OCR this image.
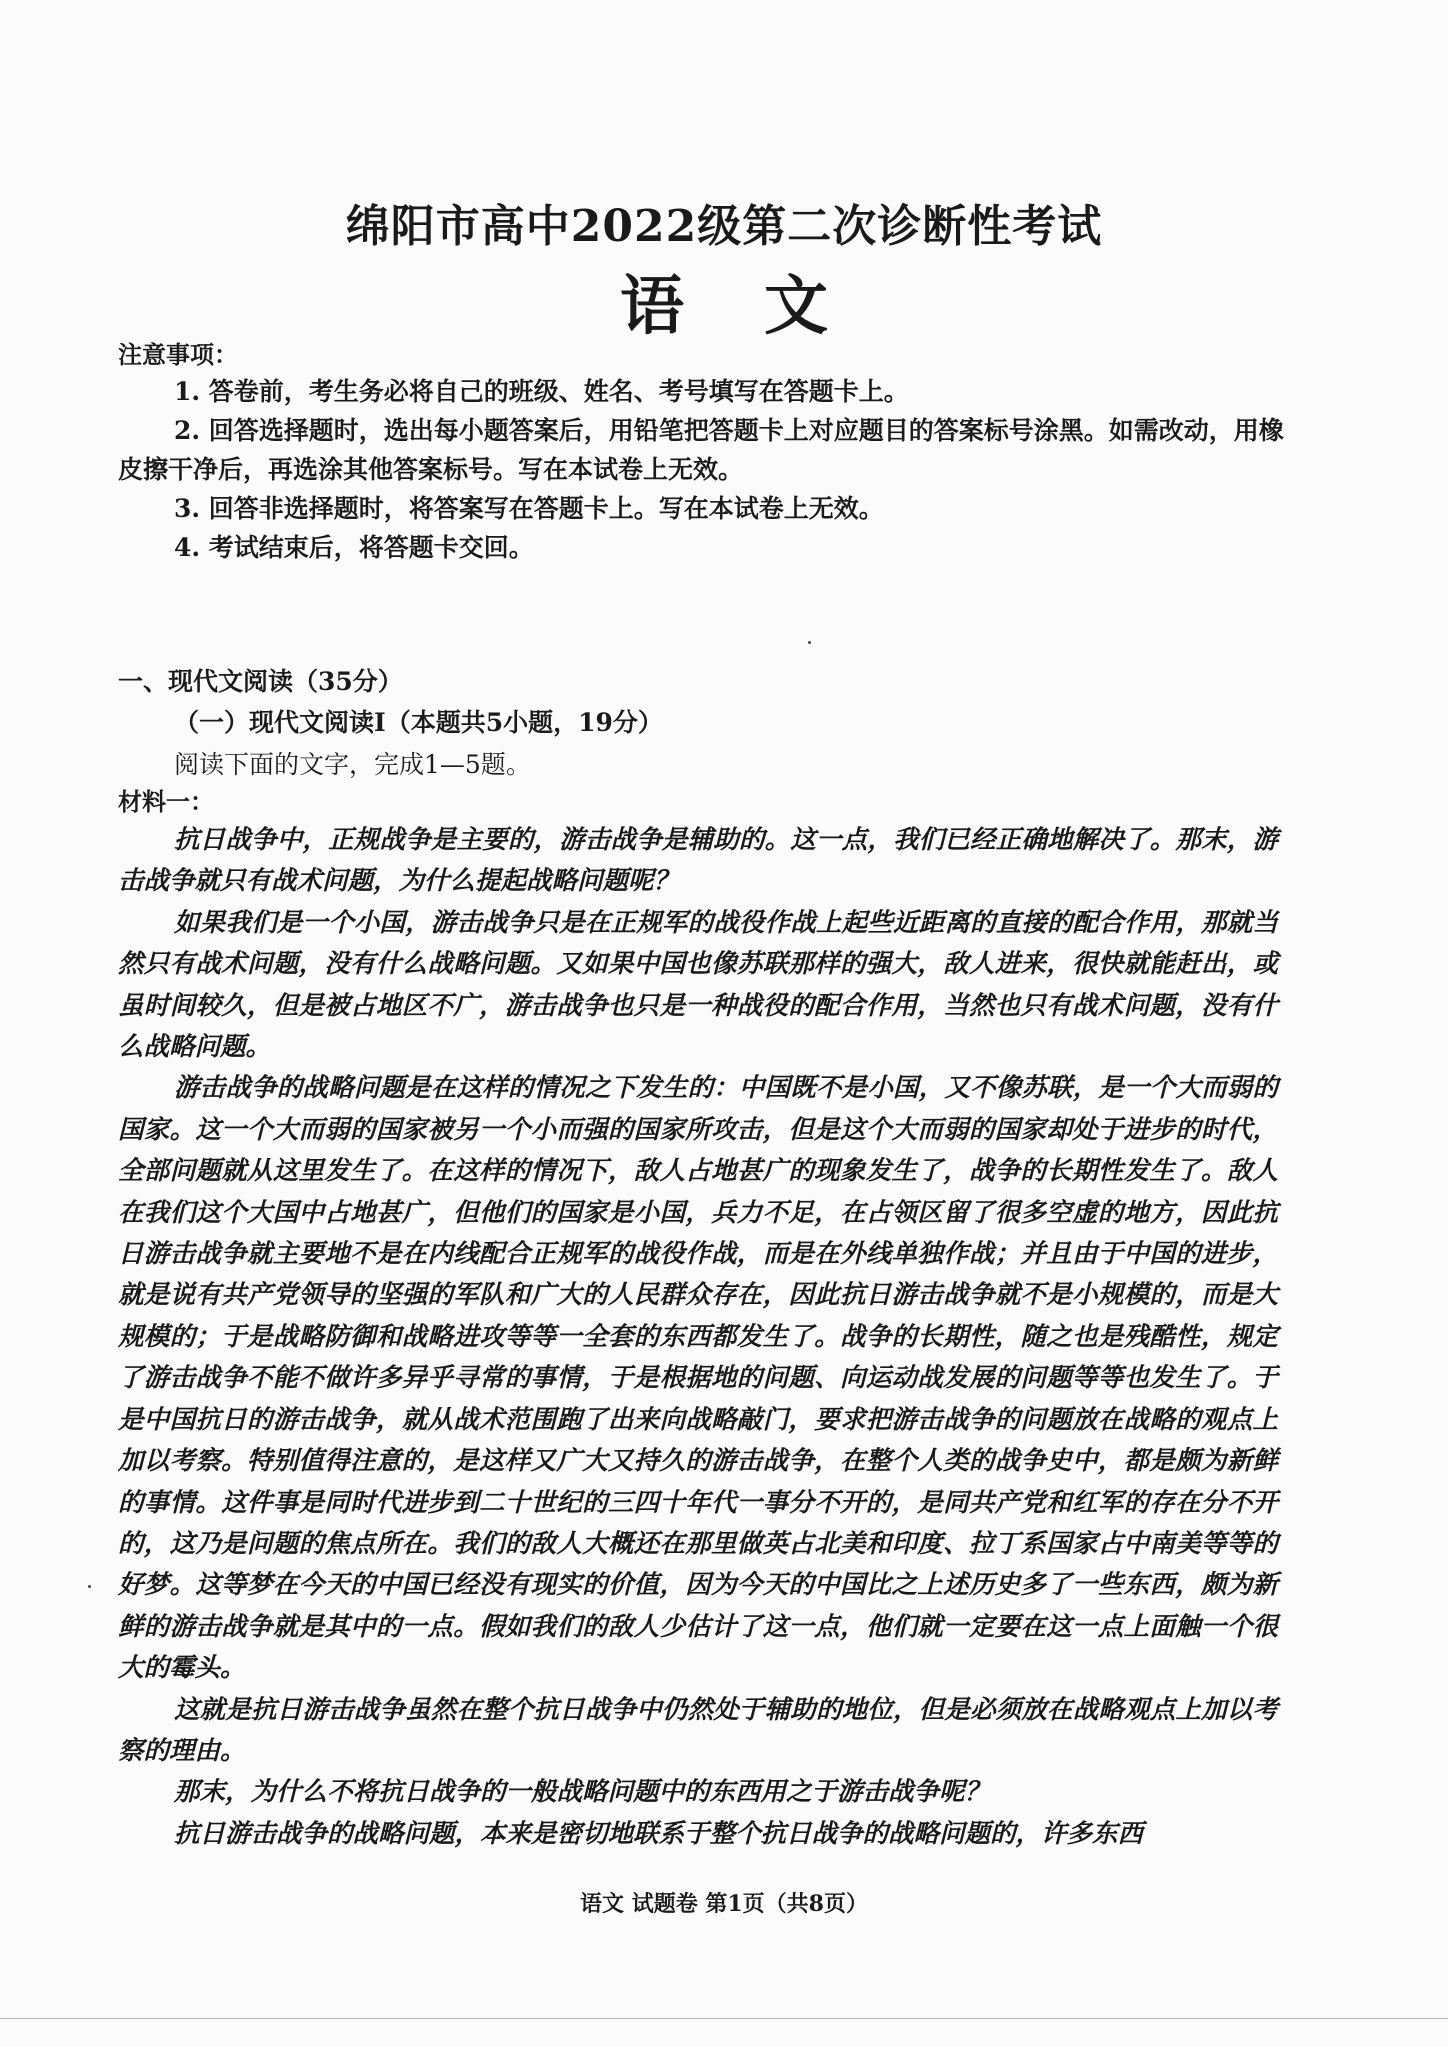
绵阳市高中2022级第二次诊断性考试
语文
注意事项：
1. 答卷前，考生务必将自己的班级、姓名、考号填写在答题卡上。
2. 回答选择题时，选出每小题答案后，用铅笔把答题卡上对应题目的答案标号涂黑。如需改动，用橡皮擦干净后，再选涂其他答案标号。写在本试卷上无效。
3. 回答非选择题时，将答案写在答题卡上。写在本试卷上无效。
4. 考试结束后，将答题卡交回。
一、现代文阅读（35分）
（一）现代文阅读Ⅰ（本题共5小题，19分）
阅读下面的文字，完成1—5题。
材料一：

抗日战争中，正规战争是主要的，游击战争是辅助的。这一点，我们已经正确地解决了。那末，游击战争就只有战术问题，为什么提起战略问题呢？

如果我们是一个小国，游击战争只是在正规军的战役作战上起些近距离的直接的配合作用，那就当然只有战术问题，没有什么战略问题。又如果中国也像苏联那样的强大，敌人进来，很快就能赶出，或虽时间较久，但是被占地区不广，游击战争也只是一种战役的配合作用，当然也只有战术问题，没有什么战略问题。

游击战争的战略问题是在这样的情况之下发生的：中国既不是小国，又不像苏联，是一个大而弱的国家。这一个大而弱的国家被另一个小而强的国家所攻击，但是这个大而弱的国家却处于进步的时代，全部问题就从这里发生了。在这样的情况下，敌人占地甚广的现象发生了，战争的长期性发生了。敌人在我们这个大国中占地甚广，但他们的国家是小国，兵力不足，在占领区留了很多空虚的地方，因此抗日游击战争就主要地不是在内线配合正规军的战役作战，而是在外线单独作战；并且由于中国的进步，就是说有共产党领导的坚强的军队和广大的人民群众存在，因此抗日游击战争就不是小规模的，而是大规模的；于是战略防御和战略进攻等等一全套的东西都发生了。战争的长期性，随之也是残酷性，规定了游击战争不能不做许多异乎寻常的事情，于是根据地的问题、向运动战发展的问题等等也发生了。于是中国抗日的游击战争，就从战术范围跑了出来向战略敲门，要求把游击战争的问题放在战略的观点上加以考察。特别值得注意的，是这样又广大又持久的游击战争，在整个人类的战争史中，都是颇为新鲜的事情。这件事是同时代进步到二十世纪的三四十年代一事分不开的，是同共产党和红军的存在分不开的，这乃是问题的焦点所在。我们的敌人大概还在那里做英占北美和印度、拉丁系国家占中南美等等的好梦。这等梦在今天的中国已经没有现实的价值，因为今天的中国比之上述历史多了一些东西，颇为新鲜的游击战争就是其中的一点。假如我们的敌人少估计了这一点，他们就一定要在这一点上面触一个很大的霉头。

这就是抗日游击战争虽然在整个抗日战争中仍然处于辅助的地位，但是必须放在战略观点上加以考察的理由。

那末，为什么不将抗日战争的一般战略问题中的东西用之于游击战争呢？

抗日游击战争的战略问题，本来是密切地联系于整个抗日战争的战略问题的，许多东西

语文 试题卷 第1页（共8页）
